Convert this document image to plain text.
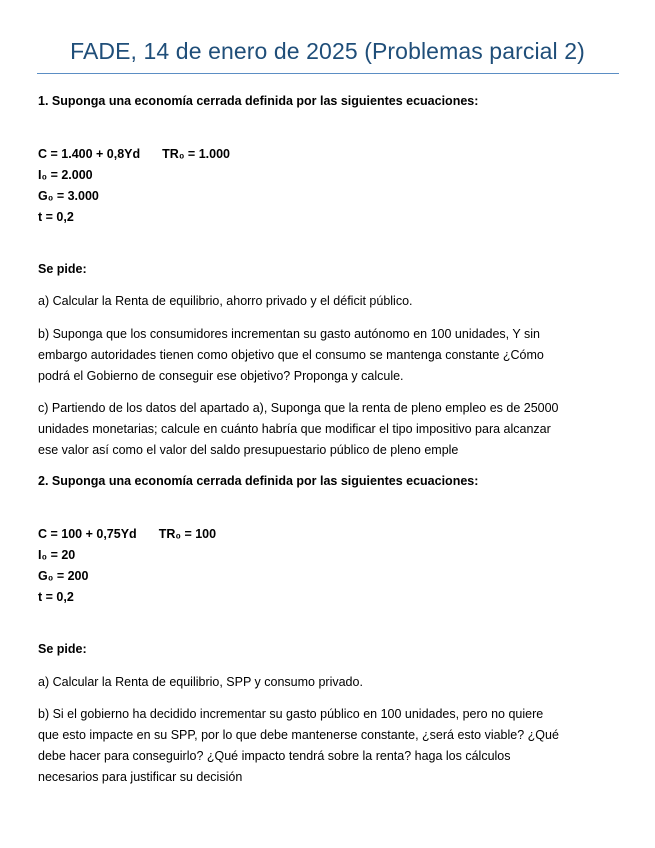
FADE, 14 de enero de 2025 (Problemas parcial 2)

1. Suponga una economía cerrada definida por las siguientes ecuaciones:

C = 1.400 + 0,8Yd TR₀ = 1.000

I₀ = 2.000

G₀ = 3.000

t = 0,2

Se pide:

a) Calcular la Renta de equilibrio, ahorro privado y el déficit público.

b) Suponga que los consumidores incrementan su gasto autónomo en 100 unidades, Y sin

embargo autoridades tienen como objetivo que el consumo se mantenga constante ¿Cómo

podrá el Gobierno de conseguir ese objetivo? Proponga y calcule.

c) Partiendo de los datos del apartado a), Suponga que la renta de pleno empleo es de 25000

unidades monetarias; calcule en cuánto habría que modificar el tipo impositivo para alcanzar

ese valor así como el valor del saldo presupuestario público de pleno emple

2. Suponga una economía cerrada definida por las siguientes ecuaciones:

C = 100 + 0,75Yd TR₀ = 100

I₀ = 20

G₀ = 200

t = 0,2

Se pide:

a) Calcular la Renta de equilibrio, SPP y consumo privado.

b) Si el gobierno ha decidido incrementar su gasto público en 100 unidades, pero no quiere

que esto impacte en su SPP, por lo que debe mantenerse constante, ¿será esto viable? ¿Qué

debe hacer para conseguirlo? ¿Qué impacto tendrá sobre la renta? haga los cálculos

necesarios para justificar su decisión
